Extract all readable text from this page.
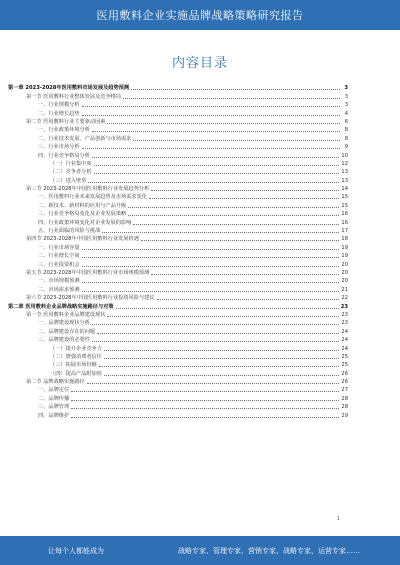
医用敷料企业实施品牌战略策略研究报告
内容目录
第一章 2023-2028年医用敷料市场发展及趋势预测	3
第一节 医用敷料行业整体发展及竞争格局	3
一、行业规模分析	3
二、行业增长趋势	4
第二节 医用敷料行业主要驱动因素	6
一、行业政策环境分析	8
二、行业技术发展、产品创新与市场需求	8
三、行业市场分析	9
四、行业竞争格局分析	10
（一）行业集中度	12
（二）竞争者分析	13
（三）进入壁垒	13
第三节 2023-2028年中国医用敷料行业发展趋势分析	14
一、医用敷料行业未来发展趋势及市场需求变化	15
二、新技术、新材料的应用与产品升级	15
三、行业竞争格局变化及企业发展策略	16
四、行业政策环境变化对企业发展的影响	16
五、行业面临的风险与挑战	17
第四节 2023-2028年中国医用敷料行业发展机遇	18
一、行业市场容量	19
二、行业增长空间	19
三、行业投资机会	20
第五节 2023-2028年中国医用敷料行业市场规模预测	20
一、市场规模预测	20
二、市场需求预测	21
第六节 2023-2028年中国医用敷料行业投资风险与建议	22
第二章 医用敷料企业品牌战略实施路径与对策	23
第一节 医用敷料企业品牌建设现状	23
一、品牌建设现状分析	23
二、品牌建设存在的问题	24
三、品牌建设的必要性	24
（一）提升企业竞争力	24
（二）增强消费者信任	25
（三）拓展市场份额	25
（四）提高产品附加值	26
第二节 品牌战略实施路径	26
一、品牌定位	27
二、品牌传播	28
三、品牌管理	28
四、品牌维护	29
1
让每个人都能成为	战略专家、管理专家、营销专家、战略专家、运营专家……
